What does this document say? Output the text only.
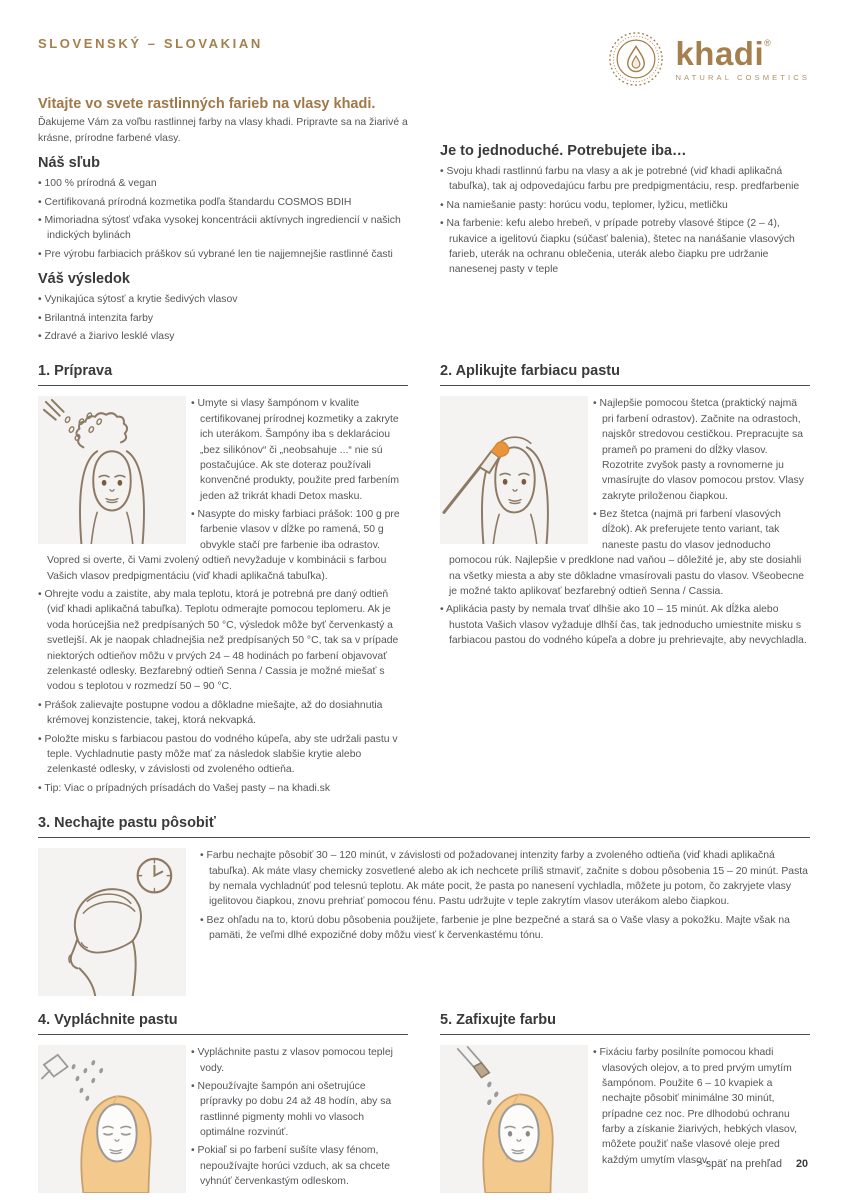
SLOVENSKÝ – SLOVAKIAN	khadi ®
NATURAL COSMETICS
Vitajte vo svete rastlinných farieb na vlasy khadi.

Ďakujeme Vám za voľbu rastlinnej farby na vlasy khadi. Pripravte sa na žiarivé a krásne, prírodne farbené vlasy.

Náš sľub

• 100 % prírodná & vegan

• Certifikovaná prírodná kozmetika podľa štandardu COSMOS BDIH

• Mimoriadna sýtosť vďaka vysokej koncentrácii aktívnych ingrediencií v našich indických bylinách

• Pre výrobu farbiacich práškov sú vybrané len tie najjemnejšie rastlinné časti

Váš výsledok

• Vynikajúca sýtosť a krytie šedivých vlasov

• Brilantná intenzita farby

• Zdravé a žiarivo lesklé vlasy

Je to jednoduché. Potrebujete iba…

• Svoju khadi rastlinnú farbu na vlasy a ak je potrebné (viď khadi aplikačná tabuľka), tak aj odpovedajúcu farbu pre predpigmentáciu, resp. predfarbenie

• Na namiešanie pasty: horúcu vodu, teplomer, lyžicu, metličku

• Na farbenie: kefu alebo hrebeň, v prípade potreby vlasové štipce (2 – 4), rukavice a igelitovú čiapku (súčasť balenia), štetec na nanášanie vlasových farieb, uterák na ochranu oblečenia, uterák alebo čiapku pre udržanie nanesenej pasty v teple

1. Príprava

• Umyte si vlasy šampónom v kvalite certifikovanej prírodnej kozmetiky a zakryte ich uterákom. Šampóny iba s deklaráciou „bez silikónov“ či „neobsahuje ...“ nie sú postačujúce. Ak ste doteraz používali konvenčné produkty, použite pred farbením jeden až trikrát khadi Detox masku.

• Nasypte do misky farbiaci prášok: 100 g pre farbenie vlasov v dĺžke po ramená, 50 g obvykle stačí pre farbenie iba odrastov. Vopred si overte, či Vami zvolený odtieň nevyžaduje v kombinácii s farbou Vašich vlasov predpigmentáciu (viď khadi aplikačná tabuľka).

• Ohrejte vodu a zaistite, aby mala teplotu, ktorá je potrebná pre daný odtieň (viď khadi aplikačná tabuľka). Teplotu odmerajte pomocou teplomeru. Ak je voda horúcejšia než predpísaných 50 °C, výsledok môže byť červenkastý a svetlejší. Ak je naopak chladnejšia než predpísaných 50 °C, tak sa v prípade niektorých odtieňov môžu v prvých 24 – 48 hodinách po farbení objavovať zelenkasté odlesky. Bezfarebný odtieň Senna / Cassia je možné miešať s vodou s teplotou v rozmedzí 50 – 90 °C.

• Prášok zalievajte postupne vodou a dôkladne miešajte, až do dosiahnutia krémovej konzistencie, takej, ktorá nekvapká.

• Položte misku s farbiacou pastou do vodného kúpeľa, aby ste udržali pastu v teple. Vychladnutie pasty môže mať za následok slabšie krytie alebo zelenkasté odlesky, v závislosti od zvoleného odtieňa.

• Tip: Viac o prípadných prísadách do Vašej pasty – na khadi.sk

2. Aplikujte farbiacu pastu

• Najlepšie pomocou štetca (praktický najmä pri farbení odrastov). Začnite na odrastoch, najskôr stredovou cestičkou. Prepracujte sa prameň po prameni do dĺžky vlasov. Rozotrite zvyšok pasty a rovnomerne ju vmasírujte do vlasov pomocou prstov. Vlasy zakryte priloženou čiapkou.

• Bez štetca (najmä pri farbení vlasových dĺžok). Ak preferujete tento variant, tak naneste pastu do vlasov jednoducho pomocou rúk. Najlepšie v predklone nad vaňou – dôležité je, aby ste dosiahli na všetky miesta a aby ste dôkladne vmasírovali pastu do vlasov. Všeobecne je možné takto aplikovať bezfarebný odtieň Senna / Cassia.

• Aplikácia pasty by nemala trvať dlhšie ako 10 – 15 minút. Ak dĺžka alebo hustota Vašich vlasov vyžaduje dlhší čas, tak jednoducho umiestnite misku s farbiacou pastou do vodného kúpeľa a dobre ju prehrievajte, aby nevychladla.

3. Nechajte pastu pôsobiť

• Farbu nechajte pôsobiť 30 – 120 minút, v závislosti od požadovanej intenzity farby a zvoleného odtieňa (viď khadi aplikačná tabuľka). Ak máte vlasy chemicky zosvetlené alebo ak ich nechcete príliš stmaviť, začnite s dobou pôsobenia 15 – 20 minút. Pasta by nemala vychladnúť pod telesnú teplotu. Ak máte pocit, že pasta po nanesení vychladla, môžete ju potom, čo zakryjete vlasy igelitovou čiapkou, znovu prehriať pomocou fénu. Pastu udržujte v teple zakrytím vlasov uterákom alebo čiapkou.

• Bez ohľadu na to, ktorú dobu pôsobenia použijete, farbenie je plne bezpečné a stará sa o Vaše vlasy a pokožku. Majte však na pamäti, že veľmi dlhé expozičné doby môžu viesť k červenkastému tónu.

4. Vypláchnite pastu

• Vypláchnite pastu z vlasov pomocou teplej vody.

• Nepoužívajte šampón ani ošetrujúce prípravky po dobu 24 až 48 hodín, aby sa rastlinné pigmenty mohli vo vlasoch optimálne rozvinúť.

• Pokiaľ si po farbení sušíte vlasy fénom, nepoužívajte horúci vzduch, ak sa chcete vyhnúť červenkastým odleskom.

5. Zafixujte farbu

• Fixáciu farby posilníte pomocou khadi vlasových olejov, a to pred prvým umytím šampónom. Použite 6 – 10 kvapiek a nechajte pôsobiť minimálne 30 minút, prípadne cez noc. Pre dlhodobú ochranu farby a získanie žiarivých, hebkých vlasov, môžete použiť naše vlasové oleje pred každým umytím vlasov.

> späť na prehľad 20
